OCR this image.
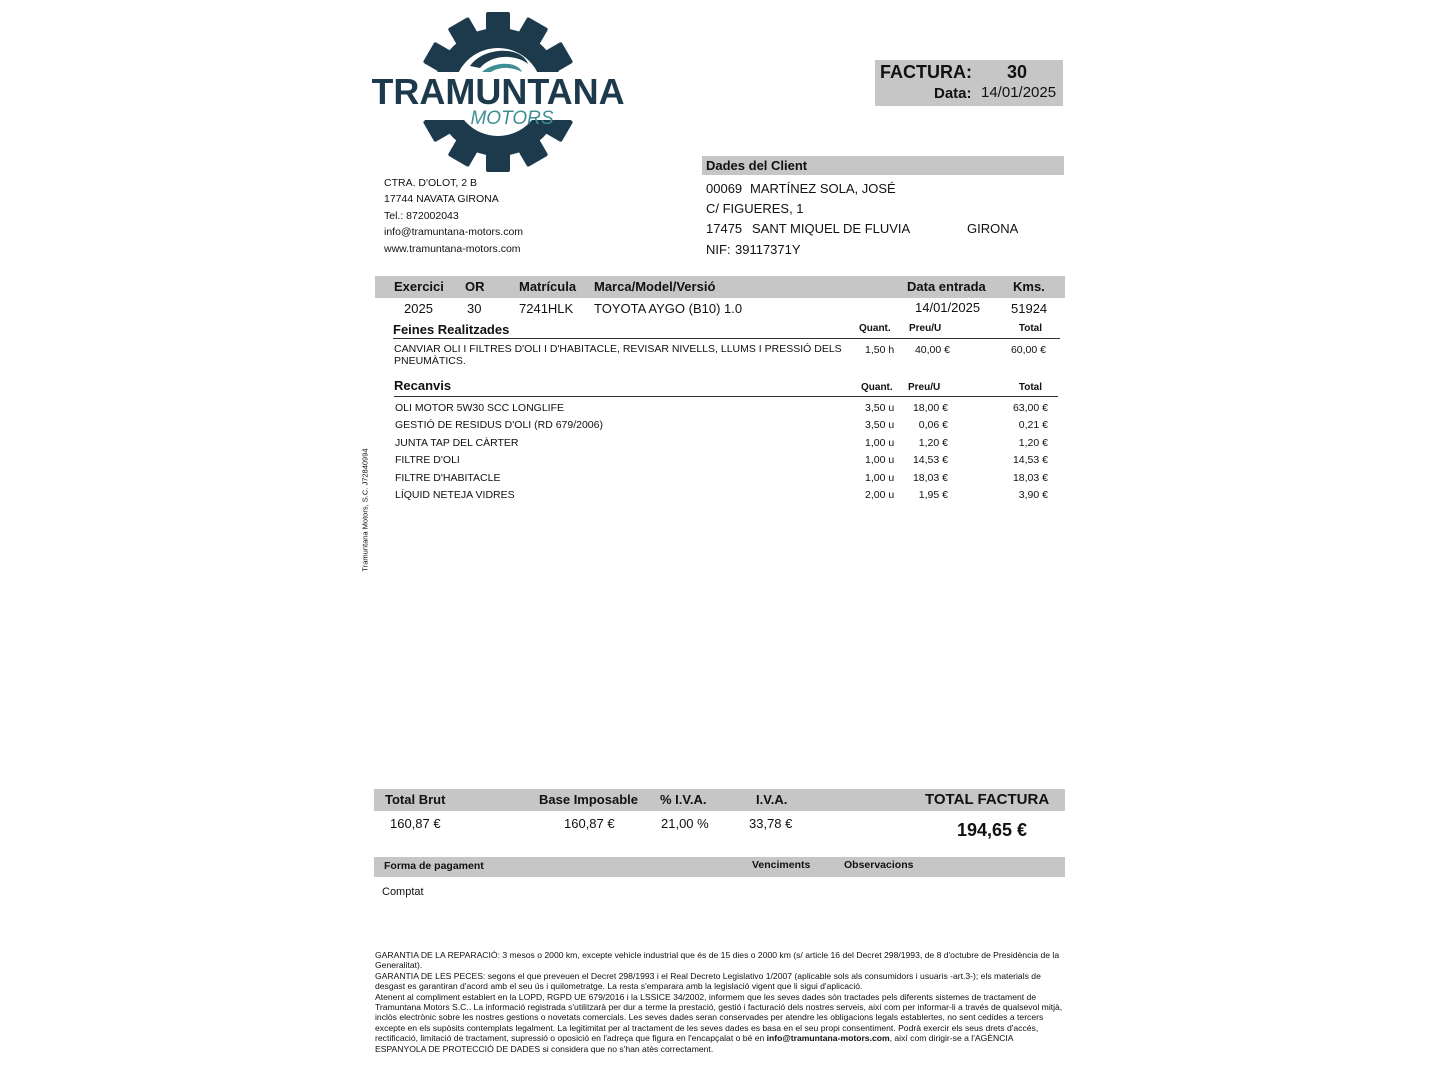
TRAMUNTANA
MOTORS
CTRA. D'OLOT, 2 B
17744 NAVATA GIRONA
Tel.: 872002043
info@tramuntana-motors.com
www.tramuntana-motors.com
Tramuntana Motors, S.C. J72840994
FACTURA: 30
Data: 14/01/2025
Dades del Client
00069 MARTÍNEZ SOLA, JOSÉ
C/ FIGUERES, 1
17475 SANT MIQUEL DE FLUVIA	GIRONA
NIF: 39117371Y
Exercici OR	Matrícula Marca/Model/Versió	Data entrada Kms.
2025	30	7241HLK TOYOTA AYGO (B10) 1.0	14/01/2025 51924
Feines Realitzades	Quant. Preu/U	Total
CANVIAR OLI I FILTRES D'OLI I D'HABITACLE, REVISAR NIVELLS, LLUMS I PRESSIÓ DELS
PNEUMÀTICS.
1,50 h	40,00 €	60,00 €
Recanvis	Quant. Preu/U	Total
OLI MOTOR 5W30 SCC LONGLIFE	3,50 u	18,00 €	63,00 €
GESTIÓ DE RESIDUS D'OLI (RD 679/2006)	3,50 u	0,06 €	0,21 €
JUNTA TAP DEL CÀRTER	1,00 u	1,20 €	1,20 €
FILTRE D'OLI	1,00 u	14,53 €	14,53 €
FILTRE D'HABITACLE	1,00 u	18,03 €	18,03 €
LÍQUID NETEJA VIDRES	2,00 u	1,95 €	3,90 €
Total Brut	Base Imposable % I.V.A.	I.V.A.	TOTAL FACTURA
160,87 €	160,87 €	21,00 %	33,78 €	194,65 €
Forma de pagament	Venciments	Observacions
Comptat

GARANTIA DE LA REPARACIÓ: 3 mesos o 2000 km, excepte vehicle industrial que és de 15 dies o 2000 km (s/ article 16 del Decret 298/1993, de 8 d'octubre de Presidència de la Generalitat).

GARANTIA DE LES PECES: segons el que preveuen el Decret 298/1993 i el Real Decreto Legislativo 1/2007 (aplicable sols als consumidors i usuaris -art.3-); els materials de desgast es garantiran d'acord amb el seu ús i quilometratge. La resta s'emparara amb la legislació vigent que li sigui d'aplicació.

Atenent al compliment establert en la LOPD, RGPD UE 679/2016 i la LSSICE 34/2002, informem que les seves dades són tractades pels diferents sistemes de tractament de Tramuntana Motors S.C.. La informació registrada s'utilitzarà per dur a terme la prestació, gestió i facturació dels nostres serveis, així com per informar-li a través de qualsevol mitjà, inclòs electrònic sobre les nostres gestions o novetats comercials. Les seves dades seran conservades per atendre les obligacions legals establertes, no sent cedides a tercers excepte en els supòsits contemplats legalment. La legitimitat per al tractament de les seves dades es basa en el seu propi consentiment. Podrà exercir els seus drets d'accés, rectificació, limitació de tractament, supressió o oposició en l'adreça que figura en l'encapçalat o bé en info@tramuntana-motors.com, així com dirigir-se a l'AGÈNCIA ESPANYOLA DE PROTECCIÓ DE DADES si considera que no s'han atès correctament.
